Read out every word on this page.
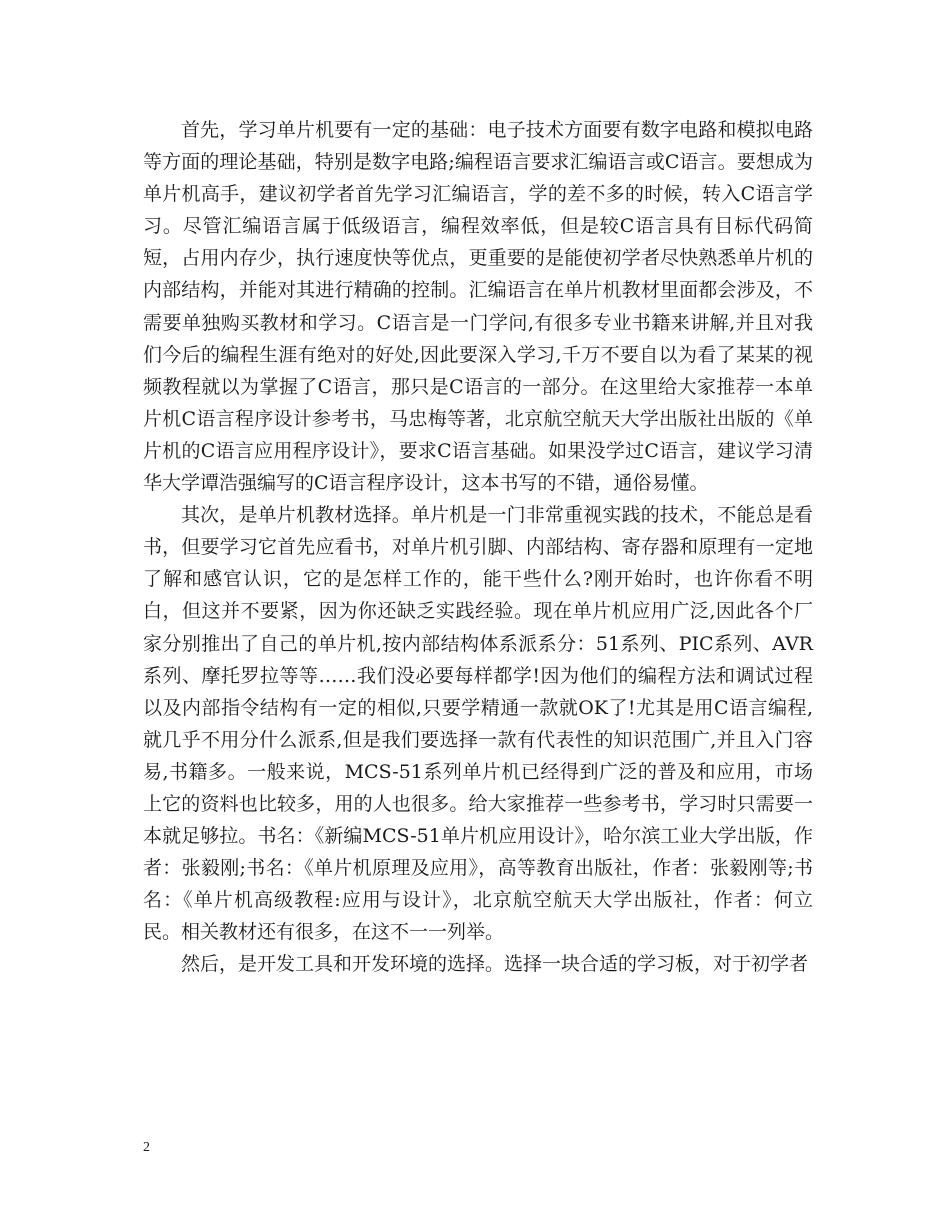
首先，学习单片机要有一定的基础：电子技术方面要有数字电路和模拟电路等方面的理论基础，特别是数字电路;编程语言要求汇编语言或C语言。要想成为单片机高手，建议初学者首先学习汇编语言，学的差不多的时候，转入C语言学习。尽管汇编语言属于低级语言，编程效率低，但是较C语言具有目标代码简短，占用内存少，执行速度快等优点，更重要的是能使初学者尽快熟悉单片机的内部结构，并能对其进行精确的控制。汇编语言在单片机教材里面都会涉及，不需要单独购买教材和学习。C语言是一门学问,有很多专业书籍来讲解,并且对我们今后的编程生涯有绝对的好处,因此要深入学习,千万不要自以为看了某某的视频教程就以为掌握了C语言，那只是C语言的一部分。在这里给大家推荐一本单片机C语言程序设计参考书，马忠梅等著，北京航空航天大学出版社出版的《单片机的C语言应用程序设计》，要求C语言基础。如果没学过C语言，建议学习清华大学谭浩强编写的C语言程序设计，这本书写的不错，通俗易懂。

其次，是单片机教材选择。单片机是一门非常重视实践的技术，不能总是看书，但要学习它首先应看书，对单片机引脚、内部结构、寄存器和原理有一定地了解和感官认识，它的是怎样工作的，能干些什么?刚开始时，也许你看不明白，但这并不要紧，因为你还缺乏实践经验。现在单片机应用广泛,因此各个厂家分别推出了自己的单片机,按内部结构体系派系分：51系列、PIC系列、AVR系列、摩托罗拉等等……我们没必要每样都学!因为他们的编程方法和调试过程以及内部指令结构有一定的相似,只要学精通一款就OK了!尤其是用C语言编程,就几乎不用分什么派系,但是我们要选择一款有代表性的知识范围广,并且入门容易,书籍多。一般来说，MCS-51系列单片机已经得到广泛的普及和应用，市场上它的资料也比较多，用的人也很多。给大家推荐一些参考书，学习时只需要一本就足够拉。书名：《新编MCS-51单片机应用设计》，哈尔滨工业大学出版，作者：张毅刚;书名：《单片机原理及应用》，高等教育出版社，作者：张毅刚等;书名：《单片机高级教程:应用与设计》，北京航空航天大学出版社，作者：何立民。相关教材还有很多，在这不一一列举。

然后，是开发工具和开发环境的选择。选择一块合适的学习板，对于初学者

2
